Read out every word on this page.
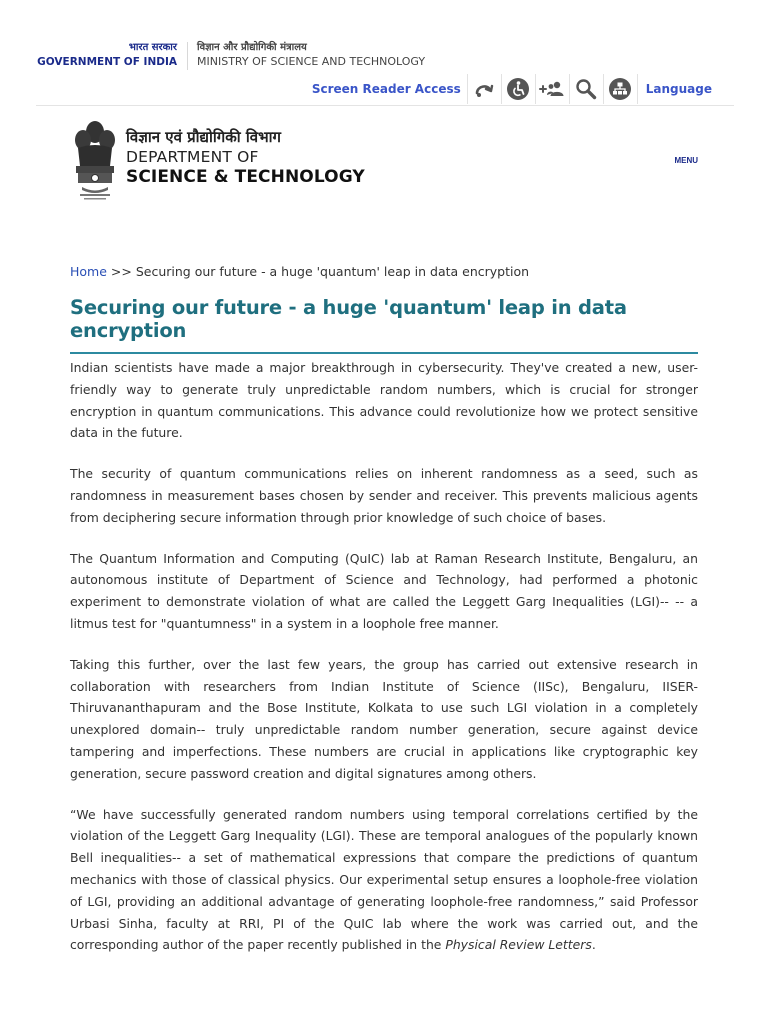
भारत सरकार
GOVERNMENT OF INDIA
विज्ञान और प्रौद्योगिकी मंत्रालय
MINISTRY OF SCIENCE AND TECHNOLOGY
Screen Reader Access	Language
विज्ञान एवं प्रौद्योगिकी विभाग
DEPARTMENT OF
SCIENCE & TECHNOLOGY
MENU
Home >> Securing our future - a huge 'quantum' leap in data encryption
Securing our future - a huge 'quantum' leap in data encryption

Indian scientists have made a major breakthrough in cybersecurity. They've created a new, user-friendly way to generate truly unpredictable random numbers, which is crucial for stronger encryption in quantum communications. This advance could revolutionize how we protect sensitive data in the future.

The security of quantum communications relies on inherent randomness as a seed, such as randomness in measurement bases chosen by sender and receiver. This prevents malicious agents from deciphering secure information through prior knowledge of such choice of bases.

The Quantum Information and Computing (QuIC) lab at Raman Research Institute, Bengaluru, an autonomous institute of Department of Science and Technology, had performed a photonic experiment to demonstrate violation of what are called the Leggett Garg Inequalities (LGI)-- -- a litmus test for "quantumness" in a system in a loophole free manner.

Taking this further, over the last few years, the group has carried out extensive research in collaboration with researchers from Indian Institute of Science (IISc), Bengaluru, IISER-Thiruvananthapuram and the Bose Institute, Kolkata to use such LGI violation in a completely unexplored domain-- truly unpredictable random number generation, secure against device tampering and imperfections. These numbers are crucial in applications like cryptographic key generation, secure password creation and digital signatures among others.

“We have successfully generated random numbers using temporal correlations certified by the violation of the Leggett Garg Inequality (LGI). These are temporal analogues of the popularly known Bell inequalities-- a set of mathematical expressions that compare the predictions of quantum mechanics with those of classical physics. Our experimental setup ensures a loophole-free violation of LGI, providing an additional advantage of generating loophole-free randomness,” said Professor Urbasi Sinha, faculty at RRI, PI of the QuIC lab where the work was carried out, and the corresponding author of the paper recently published in the Physical Review Letters.
